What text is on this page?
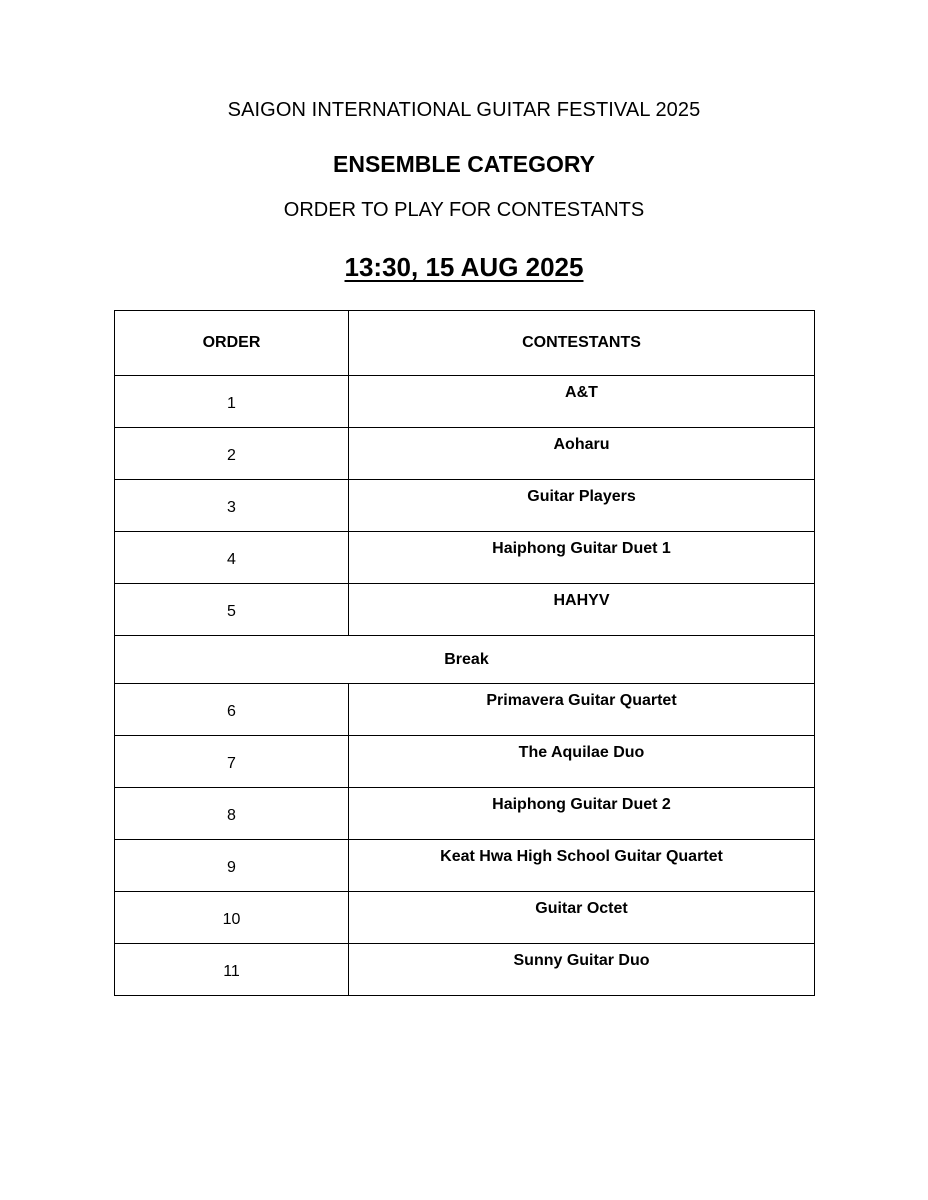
SAIGON INTERNATIONAL GUITAR FESTIVAL 2025
ENSEMBLE CATEGORY
ORDER TO PLAY FOR CONTESTANTS
13:30, 15 AUG 2025
ORDER	CONTESTANTS
1	A&T

2	Aoharu

3	Guitar Players

4	Haiphong Guitar Duet 1

5	HAHYV

Break	
6	Primavera Guitar Quartet

7	The Aquilae Duo

8	Haiphong Guitar Duet 2

9	Keat Hwa High School Guitar Quartet

10	Guitar Octet

11	Sunny Guitar Duo
